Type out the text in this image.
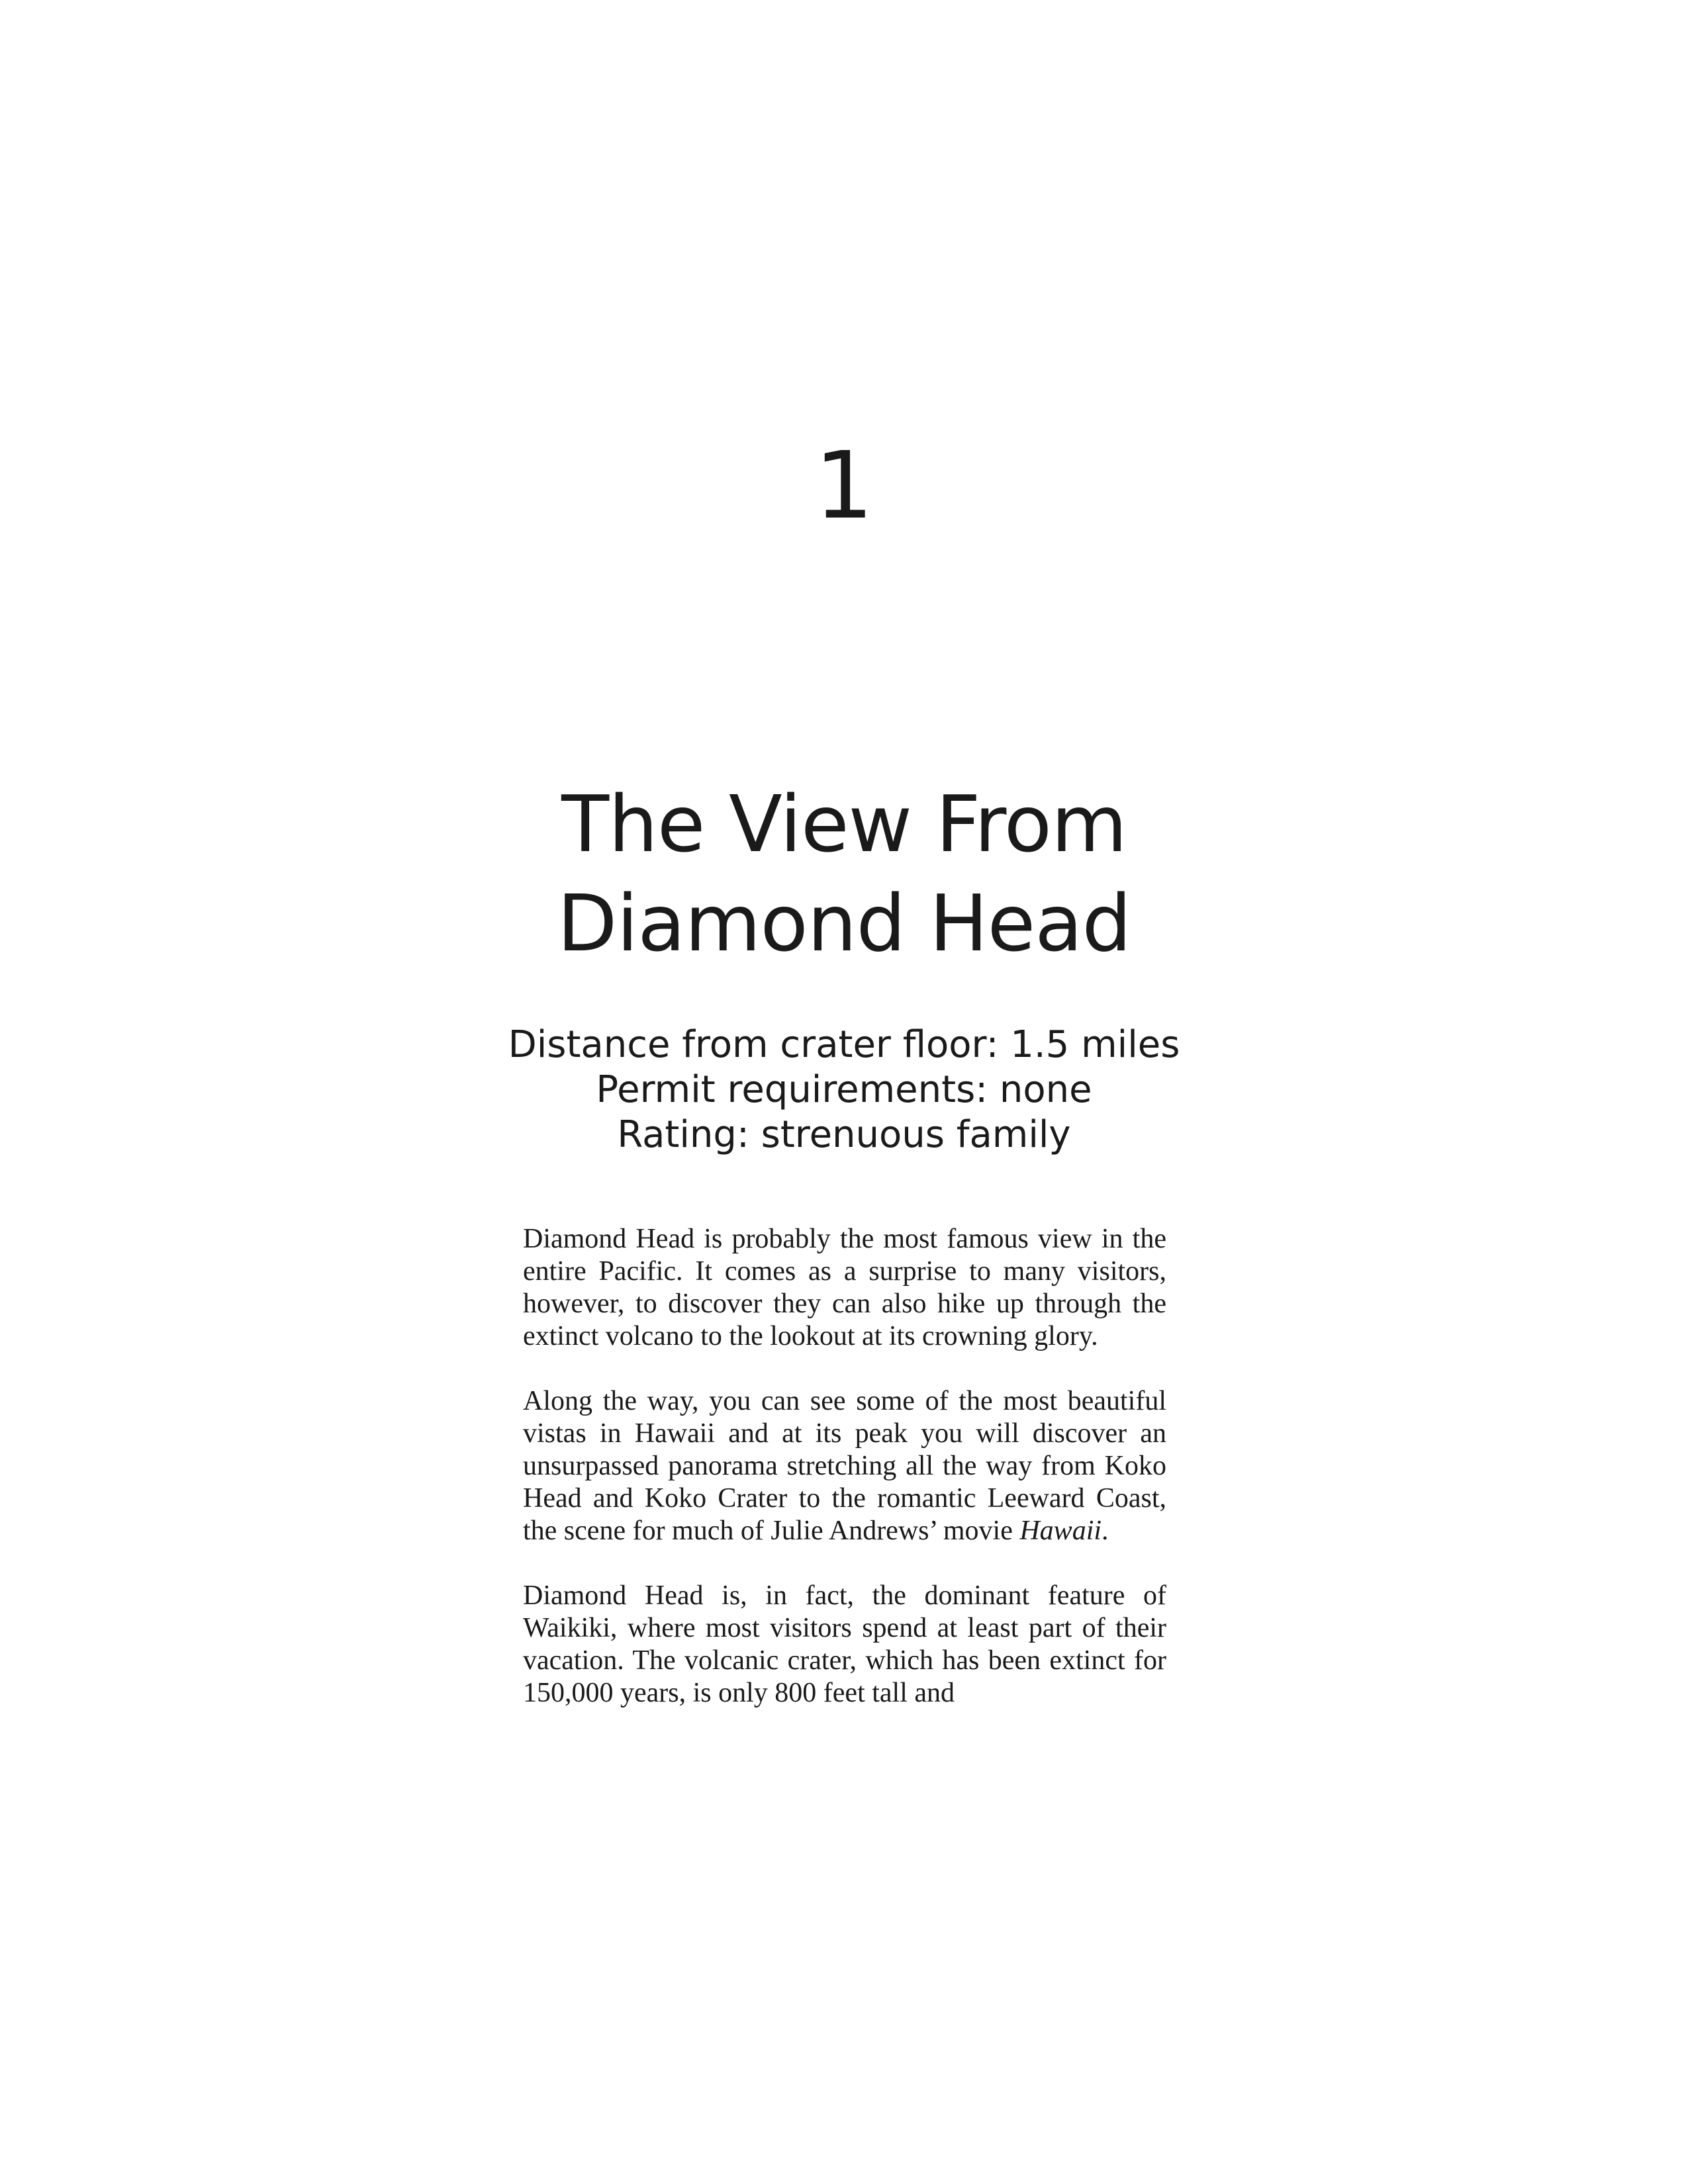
1
The View From
Diamond Head
Distance from crater floor: 1.5 miles
Permit requirements: none
Rating: strenuous family

Diamond Head is probably the most famous view in the entire Pacific. It comes as a surprise to many visitors, however, to discover they can also hike up through the extinct volcano to the lookout at its crowning glory.

Along the way, you can see some of the most beautiful vistas in Hawaii and at its peak you will discover an unsurpassed panorama stretching all the way from Koko Head and Koko Crater to the romantic Leeward Coast, the scene for much of Julie Andrews’ movie Hawaii.

Diamond Head is, in fact, the dominant feature of Waikiki, where most visitors spend at least part of their vacation. The volcanic crater, which has been extinct for 150,000 years, is only 800 feet tall and
